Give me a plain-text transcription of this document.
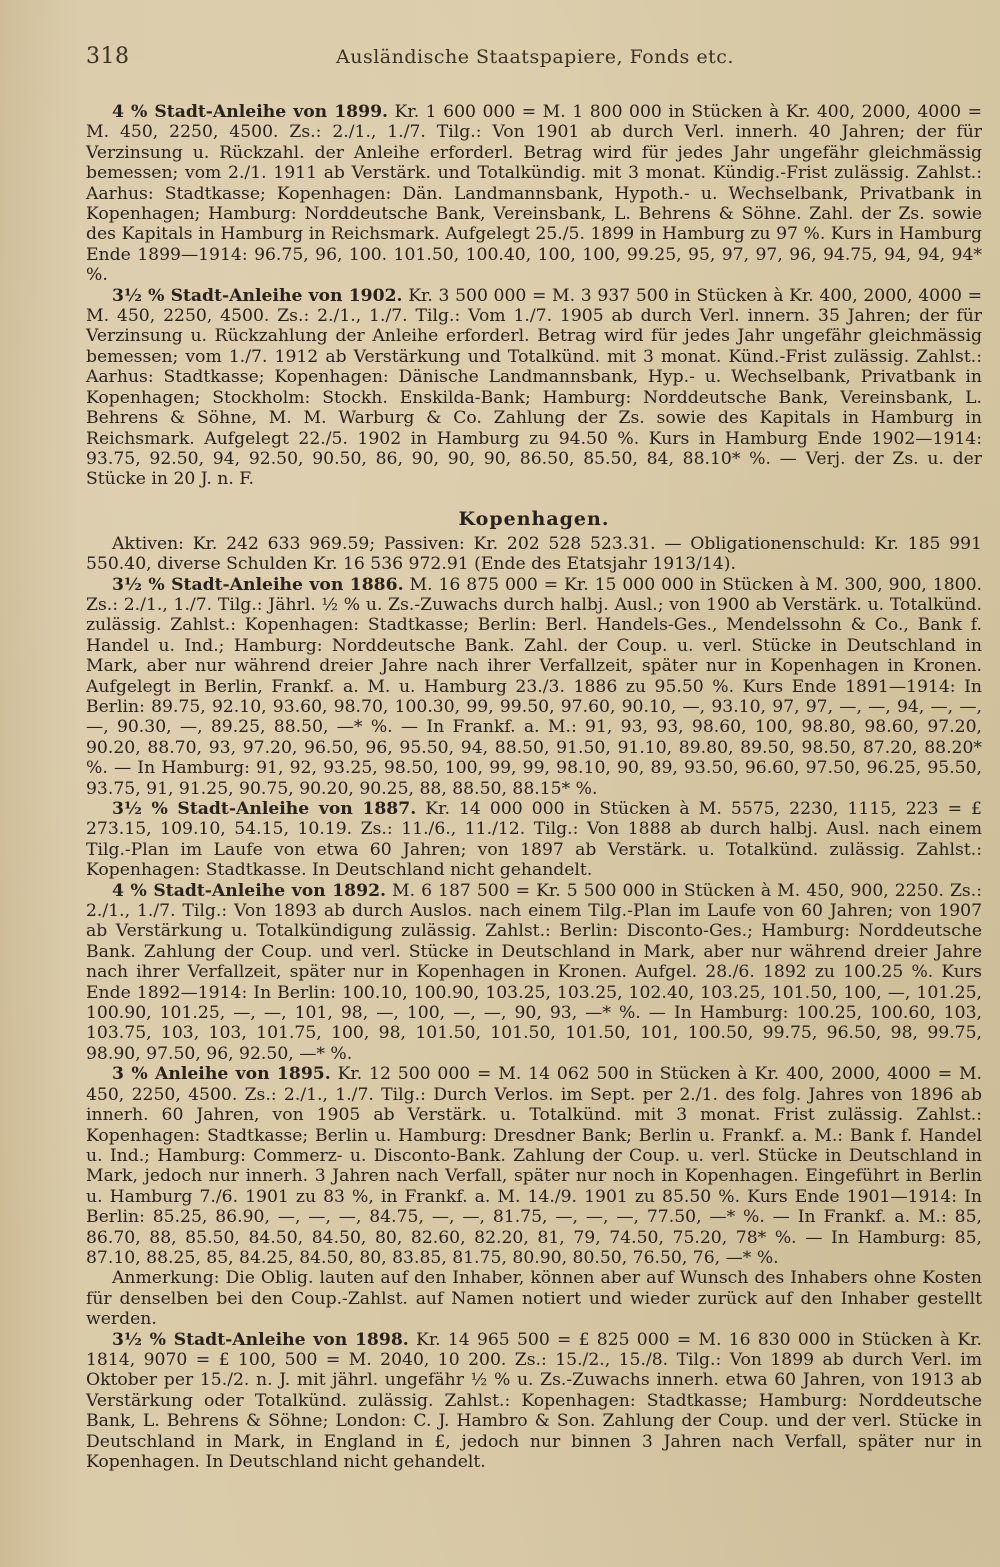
318	Ausländische Staatspapiere, Fonds etc.

4 % Stadt-Anleihe von 1899. Kr. 1 600 000 = M. 1 800 000 in Stücken à Kr. 400, 2000, 4000 = M. 450, 2250, 4500. Zs.: 2./1., 1./7. Tilg.: Von 1901 ab durch Verl. innerh. 40 Jahren; der für Verzinsung u. Rückzahl. der Anleihe erforderl. Betrag wird für jedes Jahr ungefähr gleichmässig bemessen; vom 2./1. 1911 ab Verstärk. und Totalkündig. mit 3 monat. Kündig.-Frist zulässig. Zahlst.: Aarhus: Stadtkasse; Kopenhagen: Dän. Landmannsbank, Hypoth.- u. Wechselbank, Privatbank in Kopenhagen; Hamburg: Norddeutsche Bank, Vereinsbank, L. Behrens & Söhne. Zahl. der Zs. sowie des Kapitals in Hamburg in Reichsmark. Aufgelegt 25./5. 1899 in Hamburg zu 97 %. Kurs in Hamburg Ende 1899—1914: 96.75, 96, 100. 101.50, 100.40, 100, 100, 99.25, 95, 97, 97, 96, 94.75, 94, 94, 94* %.

3½ % Stadt-Anleihe von 1902. Kr. 3 500 000 = M. 3 937 500 in Stücken à Kr. 400, 2000, 4000 = M. 450, 2250, 4500. Zs.: 2./1., 1./7. Tilg.: Vom 1./7. 1905 ab durch Verl. innern. 35 Jahren; der für Verzinsung u. Rückzahlung der Anleihe erforderl. Betrag wird für jedes Jahr ungefähr gleichmässig bemessen; vom 1./7. 1912 ab Verstärkung und Totalkünd. mit 3 monat. Künd.-Frist zulässig. Zahlst.: Aarhus: Stadtkasse; Kopenhagen: Dänische Landmannsbank, Hyp.- u. Wechselbank, Privatbank in Kopenhagen; Stockholm: Stockh. Enskilda-Bank; Hamburg: Norddeutsche Bank, Vereinsbank, L. Behrens & Söhne, M. M. Warburg & Co. Zahlung der Zs. sowie des Kapitals in Hamburg in Reichsmark. Aufgelegt 22./5. 1902 in Hamburg zu 94.50 %. Kurs in Hamburg Ende 1902—1914: 93.75, 92.50, 94, 92.50, 90.50, 86, 90, 90, 90, 86.50, 85.50, 84, 88.10* %. — Verj. der Zs. u. der Stücke in 20 J. n. F.

Kopenhagen.

Aktiven: Kr. 242 633 969.59; Passiven: Kr. 202 528 523.31. — Obligationenschuld: Kr. 185 991 550.40, diverse Schulden Kr. 16 536 972.91 (Ende des Etatsjahr 1913/14).

3½ % Stadt-Anleihe von 1886. M. 16 875 000 = Kr. 15 000 000 in Stücken à M. 300, 900, 1800. Zs.: 2./1., 1./7. Tilg.: Jährl. ½ % u. Zs.-Zuwachs durch halbj. Ausl.; von 1900 ab Verstärk. u. Totalkünd. zulässig. Zahlst.: Kopenhagen: Stadtkasse; Berlin: Berl. Handels-Ges., Mendelssohn & Co., Bank f. Handel u. Ind.; Hamburg: Norddeutsche Bank. Zahl. der Coup. u. verl. Stücke in Deutschland in Mark, aber nur während dreier Jahre nach ihrer Verfallzeit, später nur in Kopenhagen in Kronen. Aufgelegt in Berlin, Frankf. a. M. u. Hamburg 23./3. 1886 zu 95.50 %. Kurs Ende 1891—1914: In Berlin: 89.75, 92.10, 93.60, 98.70, 100.30, 99, 99.50, 97.60, 90.10, —, 93.10, 97, 97, —, —, 94, —, —, —, 90.30, —, 89.25, 88.50, —* %. — In Frankf. a. M.: 91, 93, 93, 98.60, 100, 98.80, 98.60, 97.20, 90.20, 88.70, 93, 97.20, 96.50, 96, 95.50, 94, 88.50, 91.50, 91.10, 89.80, 89.50, 98.50, 87.20, 88.20* %. — In Hamburg: 91, 92, 93.25, 98.50, 100, 99, 99, 98.10, 90, 89, 93.50, 96.60, 97.50, 96.25, 95.50, 93.75, 91, 91.25, 90.75, 90.20, 90.25, 88, 88.50, 88.15* %.

3½ % Stadt-Anleihe von 1887. Kr. 14 000 000 in Stücken à M. 5575, 2230, 1115, 223 = £ 273.15, 109.10, 54.15, 10.19. Zs.: 11./6., 11./12. Tilg.: Von 1888 ab durch halbj. Ausl. nach einem Tilg.-Plan im Laufe von etwa 60 Jahren; von 1897 ab Verstärk. u. Totalkünd. zulässig. Zahlst.: Kopenhagen: Stadtkasse. In Deutschland nicht gehandelt.

4 % Stadt-Anleihe von 1892. M. 6 187 500 = Kr. 5 500 000 in Stücken à M. 450, 900, 2250. Zs.: 2./1., 1./7. Tilg.: Von 1893 ab durch Auslos. nach einem Tilg.-Plan im Laufe von 60 Jahren; von 1907 ab Verstärkung u. Totalkündigung zulässig. Zahlst.: Berlin: Disconto-Ges.; Hamburg: Norddeutsche Bank. Zahlung der Coup. und verl. Stücke in Deutschland in Mark, aber nur während dreier Jahre nach ihrer Verfallzeit, später nur in Kopenhagen in Kronen. Aufgel. 28./6. 1892 zu 100.25 %. Kurs Ende 1892—1914: In Berlin: 100.10, 100.90, 103.25, 103.25, 102.40, 103.25, 101.50, 100, —, 101.25, 100.90, 101.25, —, —, 101, 98, —, 100, —, —, 90, 93, —* %. — In Hamburg: 100.25, 100.60, 103, 103.75, 103, 103, 101.75, 100, 98, 101.50, 101.50, 101.50, 101, 100.50, 99.75, 96.50, 98, 99.75, 98.90, 97.50, 96, 92.50, —* %.

3 % Anleihe von 1895. Kr. 12 500 000 = M. 14 062 500 in Stücken à Kr. 400, 2000, 4000 = M. 450, 2250, 4500. Zs.: 2./1., 1./7. Tilg.: Durch Verlos. im Sept. per 2./1. des folg. Jahres von 1896 ab innerh. 60 Jahren, von 1905 ab Verstärk. u. Totalkünd. mit 3 monat. Frist zulässig. Zahlst.: Kopenhagen: Stadtkasse; Berlin u. Hamburg: Dresdner Bank; Berlin u. Frankf. a. M.: Bank f. Handel u. Ind.; Hamburg: Commerz- u. Disconto-Bank. Zahlung der Coup. u. verl. Stücke in Deutschland in Mark, jedoch nur innerh. 3 Jahren nach Verfall, später nur noch in Kopenhagen. Eingeführt in Berlin u. Hamburg 7./6. 1901 zu 83 %, in Frankf. a. M. 14./9. 1901 zu 85.50 %. Kurs Ende 1901—1914: In Berlin: 85.25, 86.90, —, —, —, 84.75, —, —, 81.75, —, —, —, 77.50, —* %. — In Frankf. a. M.: 85, 86.70, 88, 85.50, 84.50, 84.50, 80, 82.60, 82.20, 81, 79, 74.50, 75.20, 78* %. — In Hamburg: 85, 87.10, 88.25, 85, 84.25, 84.50, 80, 83.85, 81.75, 80.90, 80.50, 76.50, 76, —* %.

Anmerkung: Die Oblig. lauten auf den Inhaber, können aber auf Wunsch des Inhabers ohne Kosten für denselben bei den Coup.-Zahlst. auf Namen notiert und wieder zurück auf den Inhaber gestellt werden.

3½ % Stadt-Anleihe von 1898. Kr. 14 965 500 = £ 825 000 = M. 16 830 000 in Stücken à Kr. 1814, 9070 = £ 100, 500 = M. 2040, 10 200. Zs.: 15./2., 15./8. Tilg.: Von 1899 ab durch Verl. im Oktober per 15./2. n. J. mit jährl. ungefähr ½ % u. Zs.-Zuwachs innerh. etwa 60 Jahren, von 1913 ab Verstärkung oder Totalkünd. zulässig. Zahlst.: Kopenhagen: Stadtkasse; Hamburg: Norddeutsche Bank, L. Behrens & Söhne; London: C. J. Hambro & Son. Zahlung der Coup. und der verl. Stücke in Deutschland in Mark, in England in £, jedoch nur binnen 3 Jahren nach Verfall, später nur in Kopenhagen. In Deutschland nicht gehandelt.
